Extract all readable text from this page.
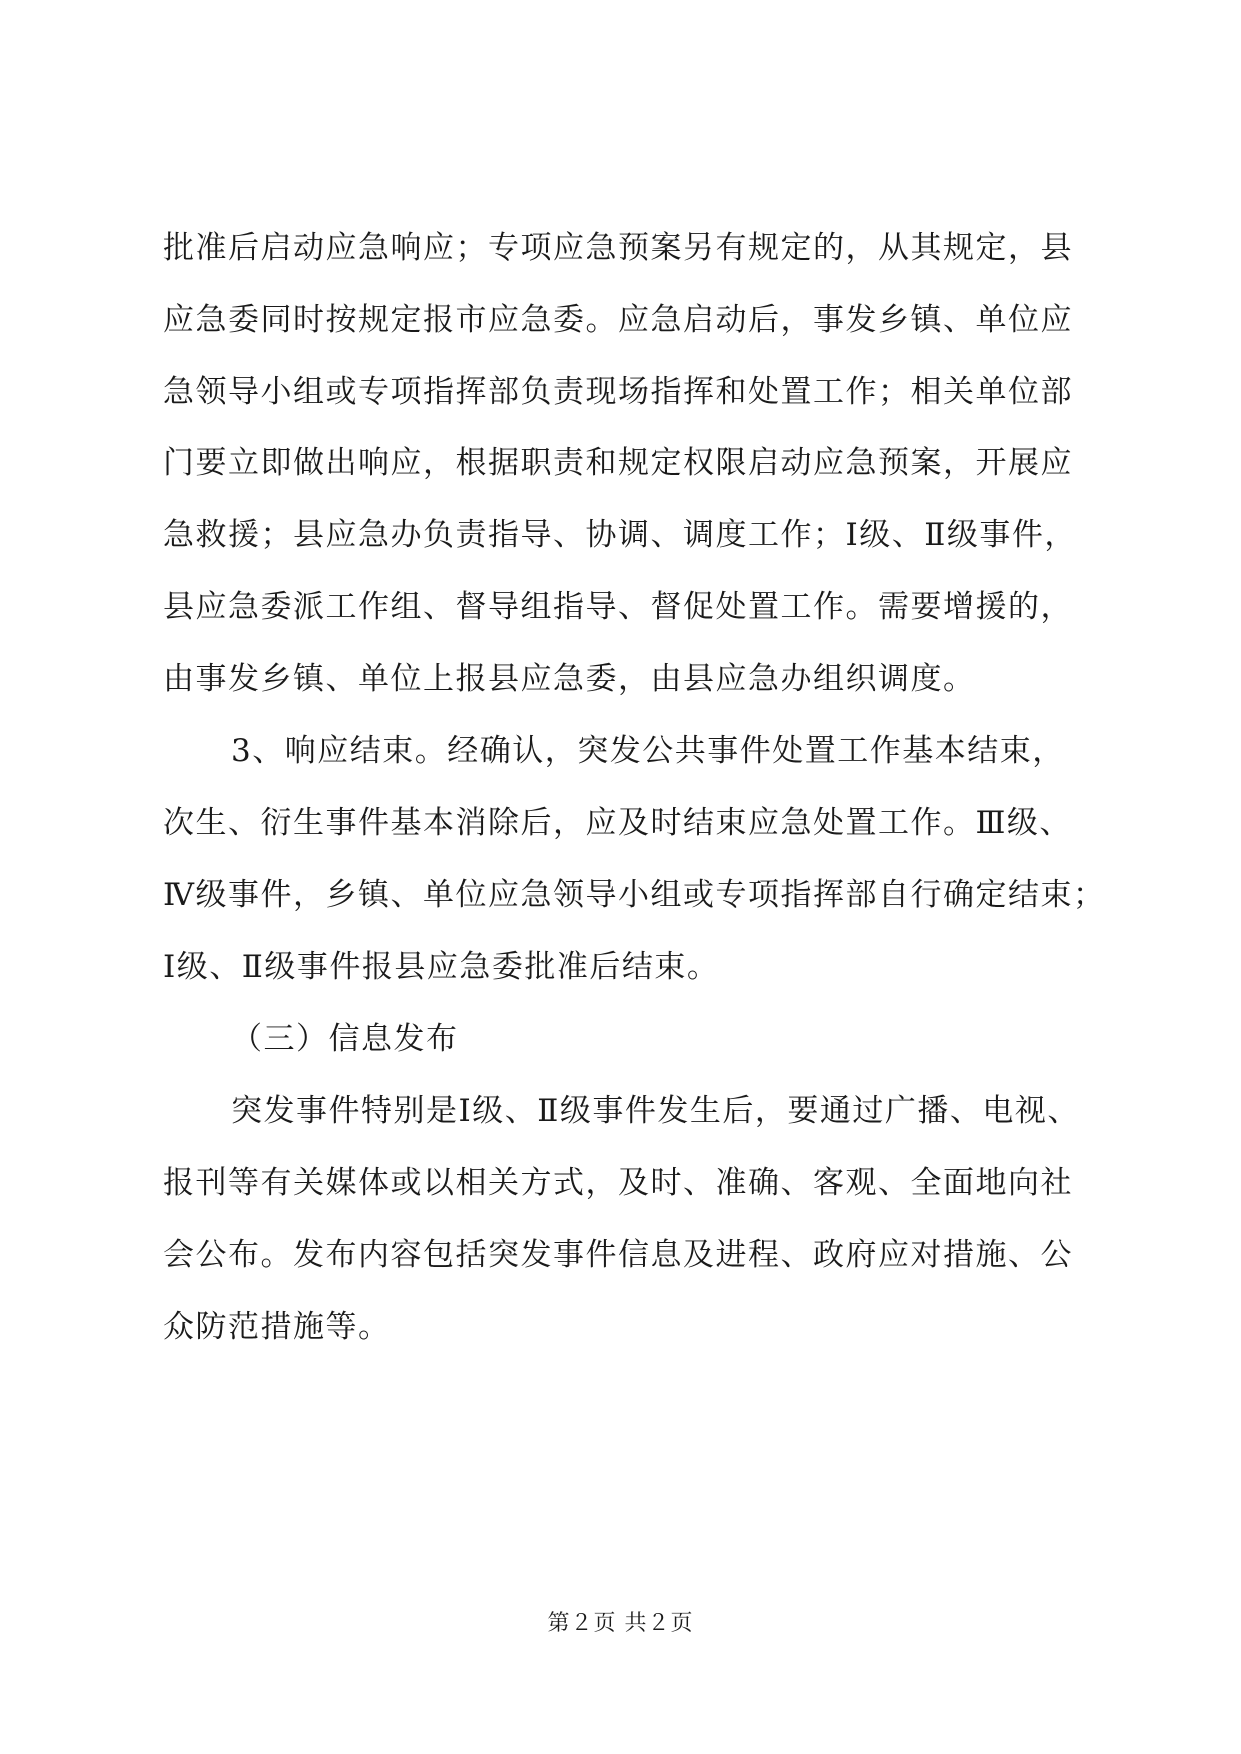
批准后启动应急响应；专项应急预案另有规定的，从其规定，县
应急委同时按规定报市应急委。应急启动后，事发乡镇、单位应
急领导小组或专项指挥部负责现场指挥和处置工作；相关单位部
门要立即做出响应，根据职责和规定权限启动应急预案，开展应
急救援；县应急办负责指导、协调、调度工作；Ⅰ级、Ⅱ级事件，
县应急委派工作组、督导组指导、督促处置工作。需要增援的，
由事发乡镇、单位上报县应急委，由县应急办组织调度。
3、响应结束。经确认，突发公共事件处置工作基本结束，
次生、衍生事件基本消除后，应及时结束应急处置工作。Ⅲ级、
Ⅳ级事件，乡镇、单位应急领导小组或专项指挥部自行确定结束；
Ⅰ级、Ⅱ级事件报县应急委批准后结束。
（三）信息发布
突发事件特别是Ⅰ级、Ⅱ级事件发生后，要通过广播、电视、
报刊等有关媒体或以相关方式，及时、准确、客观、全面地向社
会公布。发布内容包括突发事件信息及进程、政府应对措施、公
众防范措施等。
第２页 共２页
